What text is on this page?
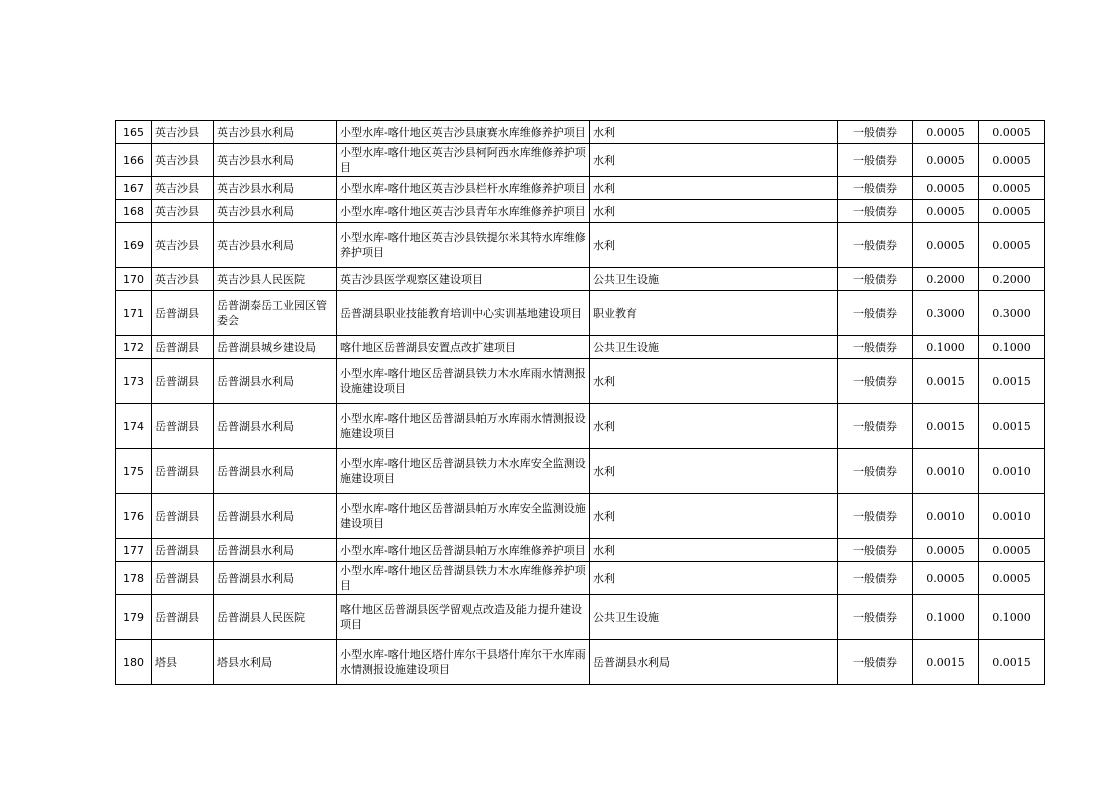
165	英吉沙县	英吉沙县水利局	小型水库-喀什地区英吉沙县康赛水库维修养护项目	水利	一般债券	0.0005	0.0005
166	英吉沙县	英吉沙县水利局	小型水库-喀什地区英吉沙县柯阿西水库维修养护项目	水利	一般债券	0.0005	0.0005
167	英吉沙县	英吉沙县水利局	小型水库-喀什地区英吉沙县栏杆水库维修养护项目	水利	一般债券	0.0005	0.0005
168	英吉沙县	英吉沙县水利局	小型水库-喀什地区英吉沙县青年水库维修养护项目	水利	一般债券	0.0005	0.0005
169	英吉沙县	英吉沙县水利局	小型水库-喀什地区英吉沙县铁提尔米其特水库维修养护项目	水利	一般债券	0.0005	0.0005
170	英吉沙县	英吉沙县人民医院	英吉沙县医学观察区建设项目	公共卫生设施	一般债券	0.2000	0.2000
171	岳普湖县	岳普湖泰岳工业园区管委会	岳普湖县职业技能教育培训中心实训基地建设项目	职业教育	一般债券	0.3000	0.3000
172	岳普湖县	岳普湖县城乡建设局	喀什地区岳普湖县安置点改扩建项目	公共卫生设施	一般债券	0.1000	0.1000
173	岳普湖县	岳普湖县水利局	小型水库-喀什地区岳普湖县铁力木水库雨水情测报设施建设项目	水利	一般债券	0.0015	0.0015
174	岳普湖县	岳普湖县水利局	小型水库-喀什地区岳普湖县帕万水库雨水情测报设施建设项目	水利	一般债券	0.0015	0.0015
175	岳普湖县	岳普湖县水利局	小型水库-喀什地区岳普湖县铁力木水库安全监测设施建设项目	水利	一般债券	0.0010	0.0010
176	岳普湖县	岳普湖县水利局	小型水库-喀什地区岳普湖县帕万水库安全监测设施建设项目	水利	一般债券	0.0010	0.0010
177	岳普湖县	岳普湖县水利局	小型水库-喀什地区岳普湖县帕万水库维修养护项目	水利	一般债券	0.0005	0.0005
178	岳普湖县	岳普湖县水利局	小型水库-喀什地区岳普湖县铁力木水库维修养护项目	水利	一般债券	0.0005	0.0005
179	岳普湖县	岳普湖县人民医院	喀什地区岳普湖县医学留观点改造及能力提升建设项目	公共卫生设施	一般债券	0.1000	0.1000
180	塔县	塔县水利局	小型水库-喀什地区塔什库尔干县塔什库尔干水库雨水情测报设施建设项目	岳普湖县水利局	一般债券	0.0015	0.0015
